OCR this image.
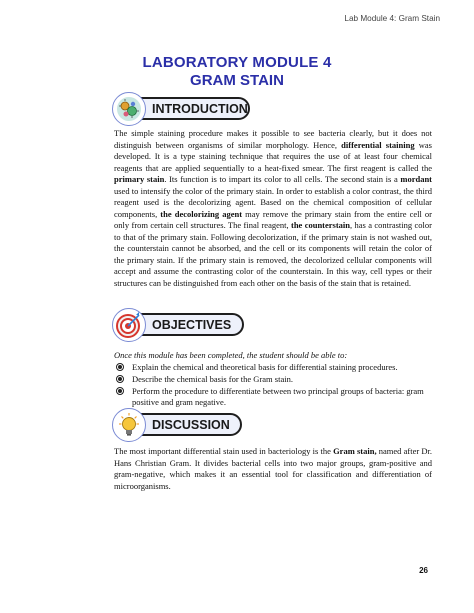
Lab Module 4: Gram Stain
LABORATORY MODULE 4
GRAM STAIN
INTRODUCTION

The simple staining procedure makes it possible to see bacteria clearly, but it does not distinguish between organisms of similar morphology. Hence, differential staining was developed. It is a type staining technique that requires the use of at least four chemical reagents that are applied sequentially to a heat-fixed smear. The first reagent is called the primary stain. Its function is to impart its color to all cells. The second stain is a mordant used to intensify the color of the primary stain. In order to establish a color contrast, the third reagent used is the decolorizing agent. Based on the chemical composition of cellular components, the decolorizing agent may remove the primary stain from the entire cell or only from certain cell structures. The final reagent, the counterstain, has a contrasting color to that of the primary stain. Following decolorization, if the primary stain is not washed out, the counterstain cannot be absorbed, and the cell or its components will retain the color of the primary stain. If the primary stain is removed, the decolorized cellular components will accept and assume the contrasting color of the counterstain. In this way, cell types or their structures can be distinguished from each other on the basis of the stain that is retained.

OBJECTIVES

Once this module has been completed, the student should be able to:

Explain the chemical and theoretical basis for differential staining procedures.
Describe the chemical basis for the Gram stain.
Perform the procedure to differentiate between two principal groups of bacteria: gram positive and gram negative.
DISCUSSION

The most important differential stain used in bacteriology is the Gram stain, named after Dr. Hans Christian Gram. It divides bacterial cells into two major groups, gram-positive and gram-negative, which makes it an essential tool for classification and differentiation of microorganisms.

26
